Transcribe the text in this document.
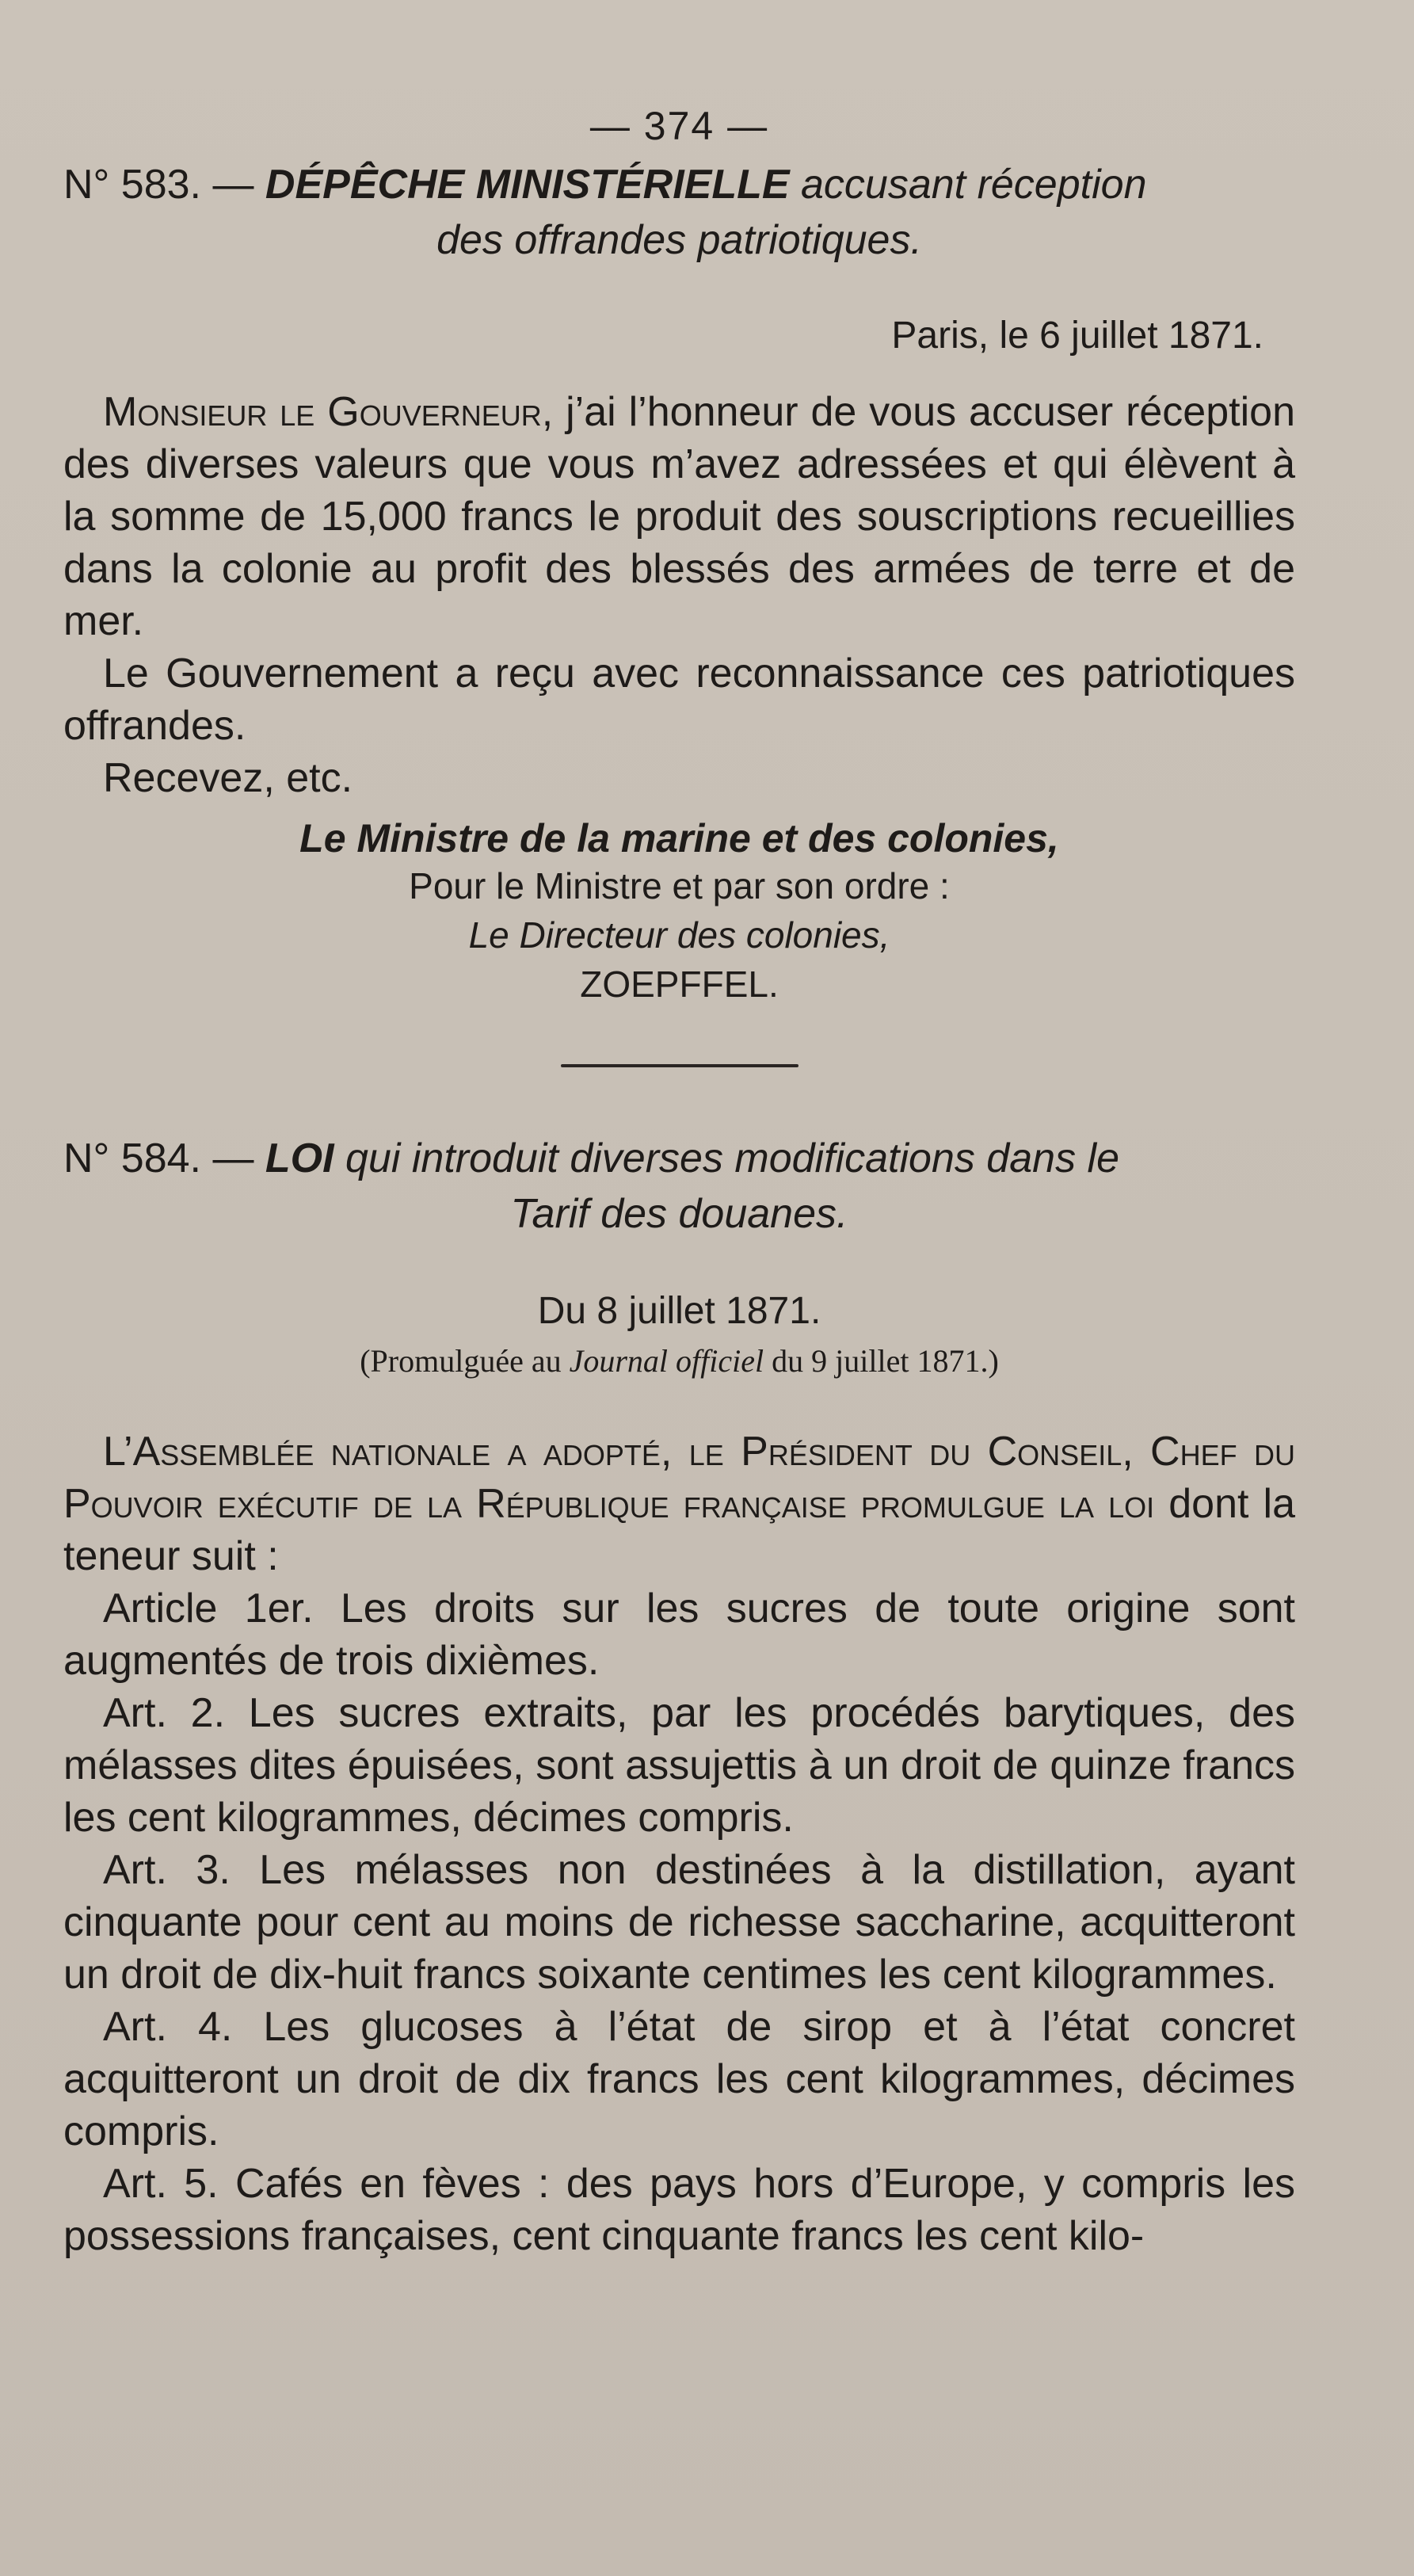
— 374 —
N° 583. — DÉPÊCHE MINISTÉRIELLE accusant réception
des offrandes patriotiques.
Paris, le 6 juillet 1871.

Monsieur le Gouverneur, j’ai l’honneur de vous accuser réception des diverses valeurs que vous m’avez adressées et qui élèvent à la somme de 15,000 francs le produit des souscriptions recueillies dans la colonie au profit des blessés des armées de terre et de mer.

Le Gouvernement a reçu avec reconnaissance ces patriotiques offrandes.

Recevez, etc.

Le Ministre de la marine et des colonies,
Pour le Ministre et par son ordre :
Le Directeur des colonies,
ZOEPFFEL.
N° 584. — LOI qui introduit diverses modifications dans le
Tarif des douanes.
Du 8 juillet 1871.
(Promulguée au Journal officiel du 9 juillet 1871.)

L’Assemblée nationale a adopté, le Président du Conseil, Chef du Pouvoir exécutif de la République française promulgue la loi dont la teneur suit :

Article 1er. Les droits sur les sucres de toute origine sont augmentés de trois dixièmes.

Art. 2. Les sucres extraits, par les procédés barytiques, des mélasses dites épuisées, sont assujettis à un droit de quinze francs les cent kilogrammes, décimes compris.

Art. 3. Les mélasses non destinées à la distillation, ayant cinquante pour cent au moins de richesse saccharine, acquitteront un droit de dix-huit francs soixante centimes les cent kilogrammes.

Art. 4. Les glucoses à l’état de sirop et à l’état concret acquitteront un droit de dix francs les cent kilogrammes, décimes compris.

Art. 5. Cafés en fèves : des pays hors d’Europe, y compris les possessions françaises, cent cinquante francs les cent kilo-
